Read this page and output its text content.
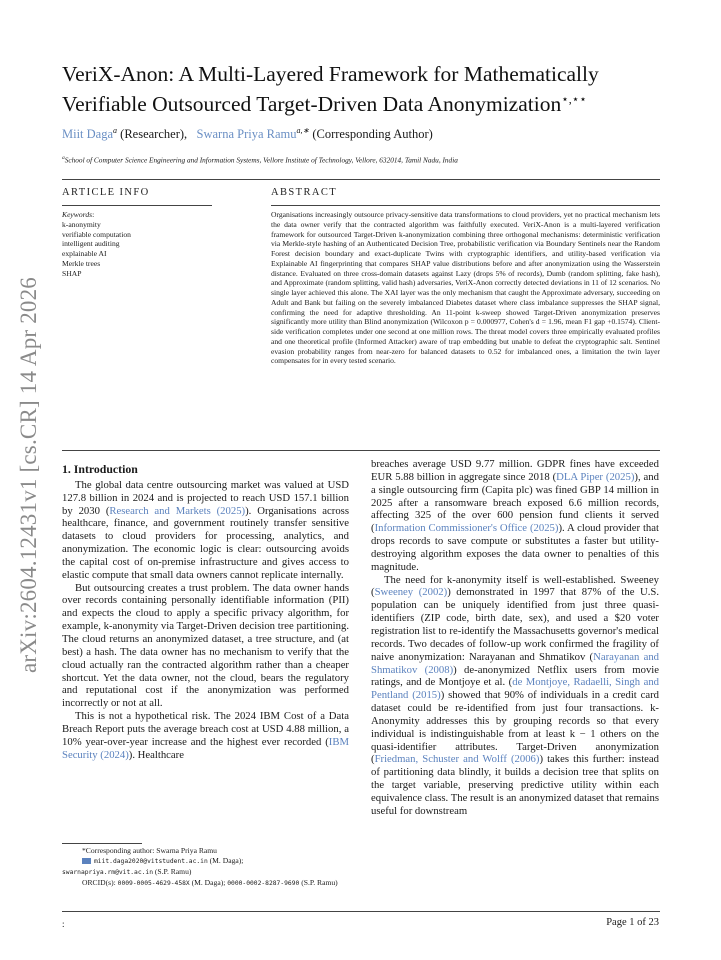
arXiv:2604.12431v1 [cs.CR] 14 Apr 2026
VeriX-Anon: A Multi-Layered Framework for Mathematically
Verifiable Outsourced Target-Driven Data Anonymization⋆,⋆⋆
Miit Daga$^a$ (Researcher), Swarna Priya Ramu$^{a,∗}$ (Corresponding Author)
$^a$School of Computer Science Engineering and Information Systems, Vellore Institute of Technology, Vellore, 632014, Tamil Nadu, India
ARTICLE INFO	ABSTRACT
Keywords:
k-anonymity
verifiable computation
intelligent auditing
explainable AI
Merkle trees
SHAP
Organisations increasingly outsource privacy-sensitive data transformations to cloud providers, yet no practical mechanism lets the data owner verify that the contracted algorithm was faithfully executed. VeriX-Anon is a multi-layered verification framework for outsourced Target-Driven k-anonymization combining three orthogonal mechanisms: deterministic verification via Merkle-style hashing of an Authenticated Decision Tree, probabilistic verification via Boundary Sentinels near the Random Forest decision boundary and exact-duplicate Twins with cryptographic identifiers, and utility-based verification via Explainable AI fingerprinting that compares SHAP value distributions before and after anonymization using the Wasserstein distance. Evaluated on three cross-domain datasets against Lazy (drops 5% of records), Dumb (random splitting, fake hash), and Approximate (random splitting, valid hash) adversaries, VeriX-Anon correctly detected deviations in 11 of 12 scenarios. No single layer achieved this alone. The XAI layer was the only mechanism that caught the Approximate adversary, succeeding on Adult and Bank but failing on the severely imbalanced Diabetes dataset where class imbalance suppresses the SHAP signal, confirming the need for adaptive thresholding. An 11-point k-sweep showed Target-Driven anonymization preserves significantly more utility than Blind anonymization (Wilcoxon p = 0.000977, Cohen's d = 1.96, mean F1 gap +0.1574). Client-side verification completes under one second at one million rows. The threat model covers three empirically evaluated profiles and one theoretical profile (Informed Attacker) aware of trap embedding but unable to defeat the cryptographic salt. Sentinel evasion probability ranges from near-zero for balanced datasets to 0.52 for imbalanced ones, a limitation the twin layer compensates for in every tested scenario.
1. Introduction

The global data centre outsourcing market was valued at USD 127.8 billion in 2024 and is projected to reach USD 157.1 billion by 2030 (Research and Markets (2025)). Organisations across healthcare, finance, and government routinely transfer sensitive datasets to cloud providers for processing, analytics, and anonymization. The economic logic is clear: outsourcing avoids the capital cost of on-premise infrastructure and gives access to elastic compute that small data owners cannot replicate internally.

But outsourcing creates a trust problem. The data owner hands over records containing personally identifiable information (PII) and expects the cloud to apply a specific privacy algorithm, for example, k-anonymity via Target-Driven decision tree partitioning. The cloud returns an anonymized dataset, a tree structure, and (at best) a hash. The data owner has no mechanism to verify that the cloud actually ran the contracted algorithm rather than a cheaper shortcut. Yet the data owner, not the cloud, bears the regulatory and reputational cost if the anonymization was performed incorrectly or not at all.

This is not a hypothetical risk. The 2024 IBM Cost of a Data Breach Report puts the average breach cost at USD 4.88 million, a 10% year-over-year increase and the highest ever recorded (IBM Security (2024)). Healthcare

breaches average USD 9.77 million. GDPR fines have exceeded EUR 5.88 billion in aggregate since 2018 (DLA Piper (2025)), and a single outsourcing firm (Capita plc) was fined GBP 14 million in 2025 after a ransomware breach exposed 6.6 million records, affecting 325 of the over 600 pension fund clients it served (Information Commissioner's Office (2025)). A cloud provider that drops records to save compute or substitutes a faster but utility-destroying algorithm exposes the data owner to penalties of this magnitude.

The need for k-anonymity itself is well-established. Sweeney (Sweeney (2002)) demonstrated in 1997 that 87% of the U.S. population can be uniquely identified from just three quasi-identifiers (ZIP code, birth date, sex), and used a $20 voter registration list to re-identify the Massachusetts governor's medical records. Two decades of follow-up work confirmed the fragility of naive anonymization: Narayanan and Shmatikov (Narayanan and Shmatikov (2008)) de-anonymized Netflix users from movie ratings, and de Montjoye et al. (de Montjoye, Radaelli, Singh and Pentland (2015)) showed that 90% of individuals in a credit card dataset could be re-identified from just four transactions. k-Anonymity addresses this by grouping records so that every individual is indistinguishable from at least k − 1 others on the quasi-identifier attributes. Target-Driven anonymization (Friedman, Schuster and Wolff (2006)) takes this further: instead of partitioning data blindly, it builds a decision tree that splits on the target variable, preserving predictive utility within each equivalence class. The result is an anonymized dataset that remains useful for downstream

*Corresponding author: Swarna Priya Ramu
miit.daga2020@vitstudent.ac.in (M. Daga);
swarnapriya.rm@vit.ac.in (S.P. Ramu)
ORCID(s): 0009-0005-4629-458X (M. Daga); 0000-0002-8287-9690 (S.P. Ramu)
:	Page 1 of 23
